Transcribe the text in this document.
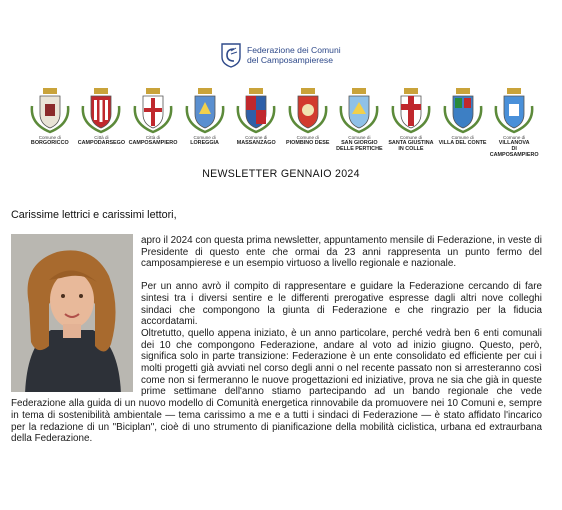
Federazione dei Comuni
del Camposampierese
Comune di
BORGORICCO
Città di
CAMPODARSEGO
Città di
CAMPOSAMPIERO
Comune di
LOREGGIA
Comune di
MASSANZAGO
Comune di
PIOMBINO DESE
Comune di
SAN GIORGIO
DELLE PERTICHE
Comune di
SANTA GIUSTINA
IN COLLE
Comune di
VILLA DEL CONTE
Comune di
VILLANOVA
DI CAMPOSAMPIERO
NEWSLETTER GENNAIO 2024
Carissime lettrici e carissimi lettori,

apro il 2024 con questa prima newsletter, appuntamento mensile di Federazione, in veste di Presidente di questo ente che ormai da 23 anni rappresenta un punto fermo del camposampierese e un esempio virtuoso a livello regionale e nazionale.

Per un anno avrò il compito di rappresentare e guidare la Federazione cercando di fare sintesi tra i diversi sentire e le differenti prerogative espresse dagli altri nove colleghi sindaci che compongono la giunta di Federazione e che ringrazio per la fiducia accordatami.

Oltretutto, quello appena iniziato, è un anno particolare, perché vedrà ben 6 enti comunali dei 10 che compongono Federazione, andare al voto ad inizio giugno. Questo, però, significa solo in parte transizione: Federazione è un ente consolidato ed efficiente per cui i molti progetti già avviati nel corso degli anni o nel recente passato non si arresteranno così come non si fermeranno le nuove progettazioni ed iniziative, prova ne sia che già in queste prime settimane dell'anno stiamo partecipando ad un bando regionale che vede Federazione alla guida di un nuovo modello di Comunità energetica rinnovabile da promuovere nei 10 Comuni e, sempre in tema di sostenibilità ambientale — tema carissimo a me e a tutti i sindaci di Federazione — è stato affidato l'incarico per la redazione di un "Biciplan", cioè di uno strumento di pianificazione della mobilità ciclistica, urbana ed extraurbana della Federazione.
